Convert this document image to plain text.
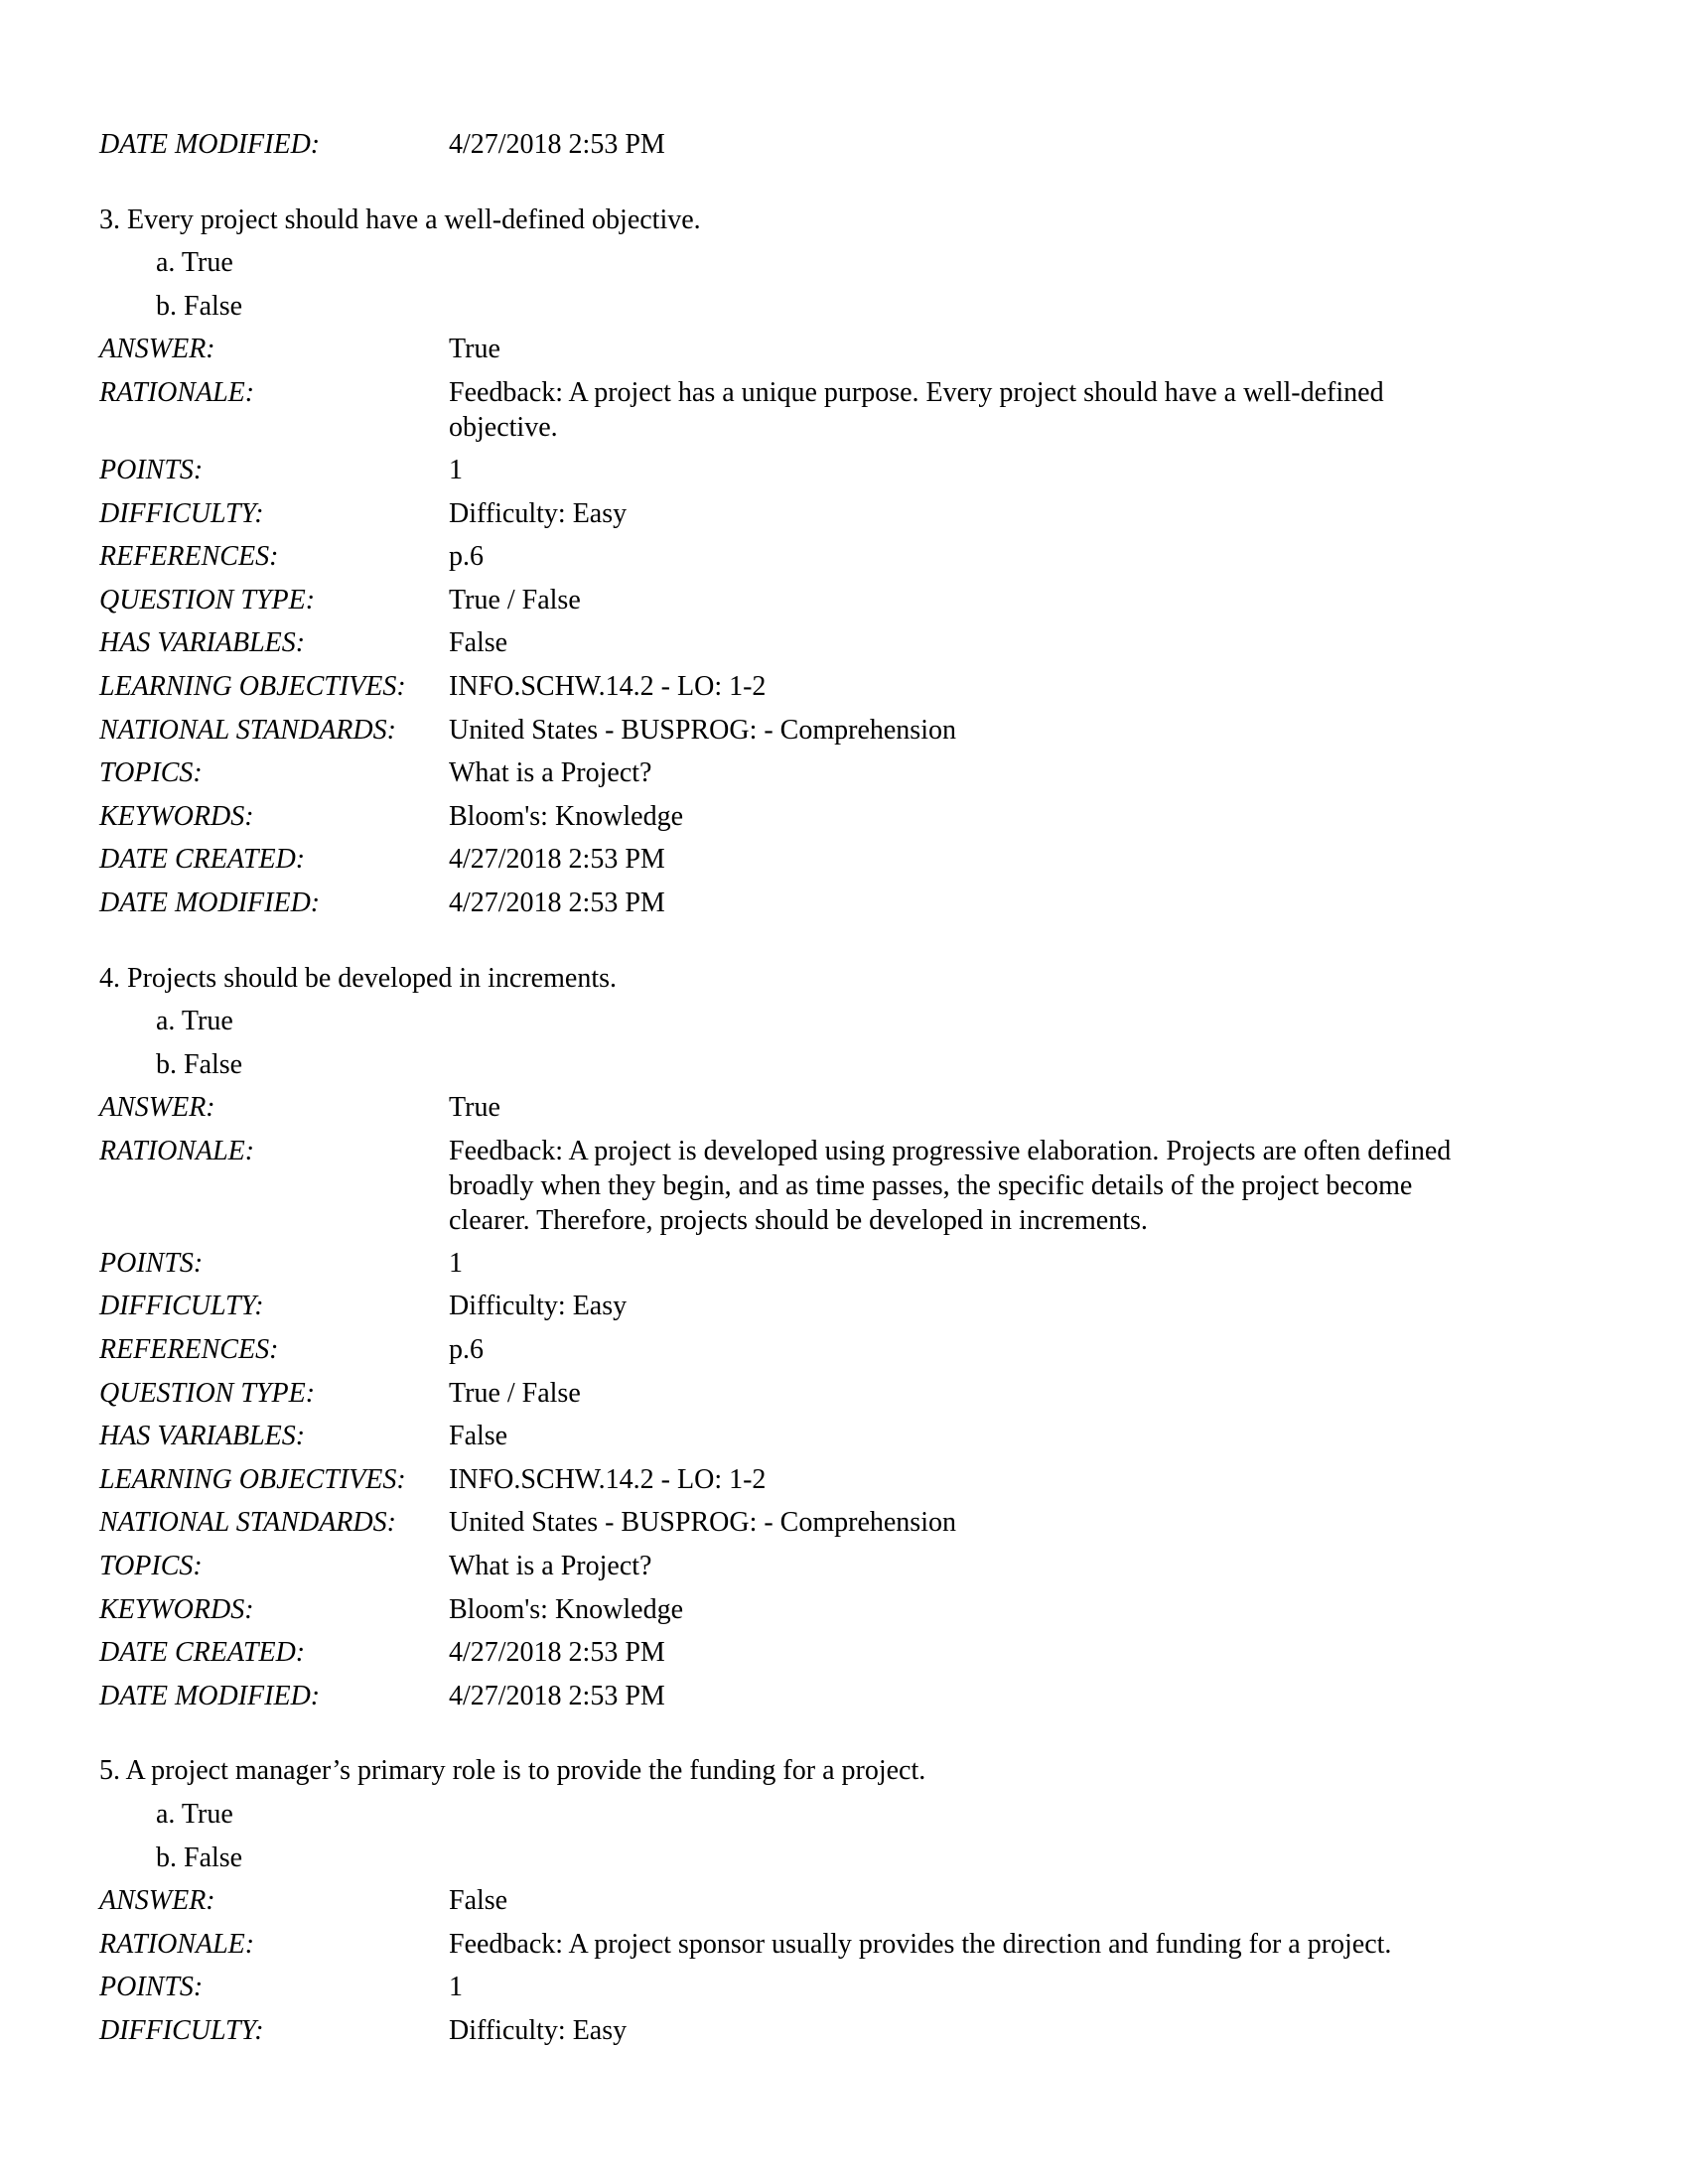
DATE MODIFIED:	4/27/2018 2:53 PM
3. Every project should have a well-defined objective.
a. True
b. False
ANSWER:	True
RATIONALE:	Feedback: A project has a unique purpose. Every project should have a well-defined
objective.
POINTS:	1
DIFFICULTY:	Difficulty: Easy
REFERENCES:	p.6
QUESTION TYPE:	True / False
HAS VARIABLES:	False
LEARNING OBJECTIVES:	INFO.SCHW.14.2 - LO: 1-2
NATIONAL STANDARDS:	United States - BUSPROG: - Comprehension
TOPICS:	What is a Project?
KEYWORDS:	Bloom's: Knowledge
DATE CREATED:	4/27/2018 2:53 PM
DATE MODIFIED:	4/27/2018 2:53 PM
4. Projects should be developed in increments.
a. True
b. False
ANSWER:	True
RATIONALE:	Feedback: A project is developed using progressive elaboration. Projects are often defined
broadly when they begin, and as time passes, the specific details of the project become
clearer. Therefore, projects should be developed in increments.
POINTS:	1
DIFFICULTY:	Difficulty: Easy
REFERENCES:	p.6
QUESTION TYPE:	True / False
HAS VARIABLES:	False
LEARNING OBJECTIVES:	INFO.SCHW.14.2 - LO: 1-2
NATIONAL STANDARDS:	United States - BUSPROG: - Comprehension
TOPICS:	What is a Project?
KEYWORDS:	Bloom's: Knowledge
DATE CREATED:	4/27/2018 2:53 PM
DATE MODIFIED:	4/27/2018 2:53 PM
5. A project manager’s primary role is to provide the funding for a project.
a. True
b. False
ANSWER:	False
RATIONALE:	Feedback: A project sponsor usually provides the direction and funding for a project.
POINTS:	1
DIFFICULTY:	Difficulty: Easy
